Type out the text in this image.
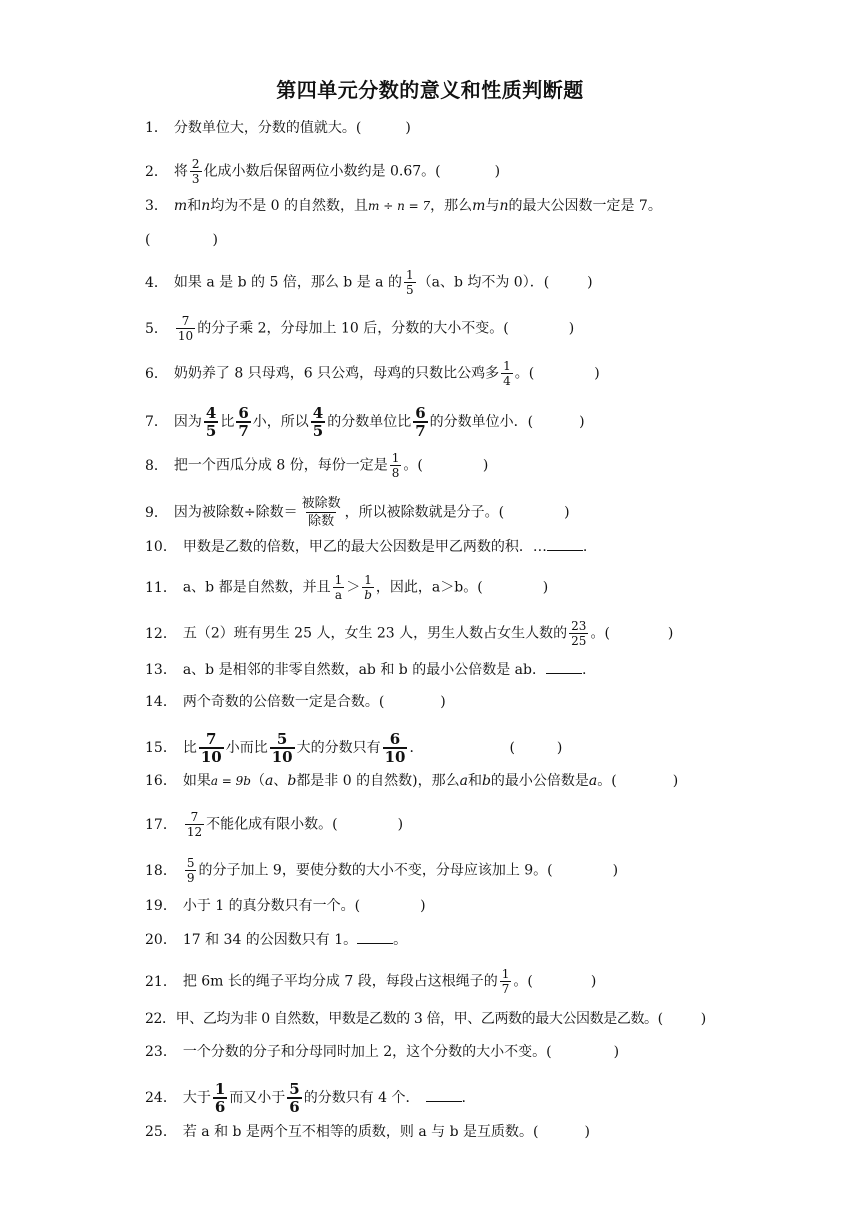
第四单元分数的意义和性质判断题
1． 分数单位大，分数的值就大。(	)
2． 将 $\frac{2}{3}$ 化成小数后保留两位小数约是 0.67。(	)
3． m和n均为不是 0 的自然数，且m ÷ n = 7，那么m与n的最大公因数一定是 7。
(	)
4． 如果 a 是 b 的 5 倍，那么 b 是 a 的 $\frac{1}{5} (a$、b 均不为 0）．(	)
5． $\frac{7}{10}$ 的分子乘 2，分母加上 10 后，分数的大小不变。(	)
6． 奶奶养了 8 只母鸡，6 只公鸡，母鸡的只数比公鸡多 $\frac{1}{4}$ 。(	)
7． 因为 $\frac{4}{5}$ 比 $\frac{6}{7}$ 小，所以 $\frac{4}{5}$ 的分数单位比 $\frac{6}{7}$ 的分数单位小．(	)
8． 把一个西瓜分成 8 份，每份一定是 $\frac{1}{8}$ 。(	)
9． 因为被除数÷除数＝ $\frac{\text{被除数}}{\text{除数}}$ ，所以被除数就是分子。(	)
10． 甲数是乙数的倍数，甲乙的最大公因数是甲乙两数的积．…	.
11． a、b 都是自然数，并且 $\frac{1}{a} > \frac{1}{b}$ ，因此，a＞b。(	)
12． 五（2）班有男生 25 人，女生 23 人，男生人数占女生人数的 $\frac{23}{25}$ 。(	)
13． a、b 是相邻的非零自然数，ab 和 b 的最小公倍数是 ab．	.
14． 两个奇数的公倍数一定是合数。(	)
15． 比 $\frac{7}{10}$ 小而比 $\frac{5}{10}$ 大的分数只有 $\frac{6}{10}$ ．	(	)
16． 如果a = 9b（a、b都是非 0 的自然数)，那么a和b的最小公倍数是a。(	)
17． $\frac{7}{12}$ 不能化成有限小数。(	)
18． $\frac{5}{9}$ 的分子加上 9，要使分数的大小不变，分母应该加上 9。(	)
19． 小于 1 的真分数只有一个。(	)
20． 17 和 34 的公因数只有 1。	。
21． 把 6m 长的绳子平均分成 7 段，每段占这根绳子的 $\frac{1}{7}$ 。(	)
22．甲、乙均为非 0 自然数，甲数是乙数的 3 倍，甲、乙两数的最大公因数是乙数。(	)
23． 一个分数的分子和分母同时加上 2，这个分数的大小不变。(	)
24． 大于 $\frac{1}{6}$ 而又小于 $\frac{5}{6}$ 的分数只有 4 个．	.
25． 若 a 和 b 是两个互不相等的质数，则 a 与 b 是互质数。(	)
